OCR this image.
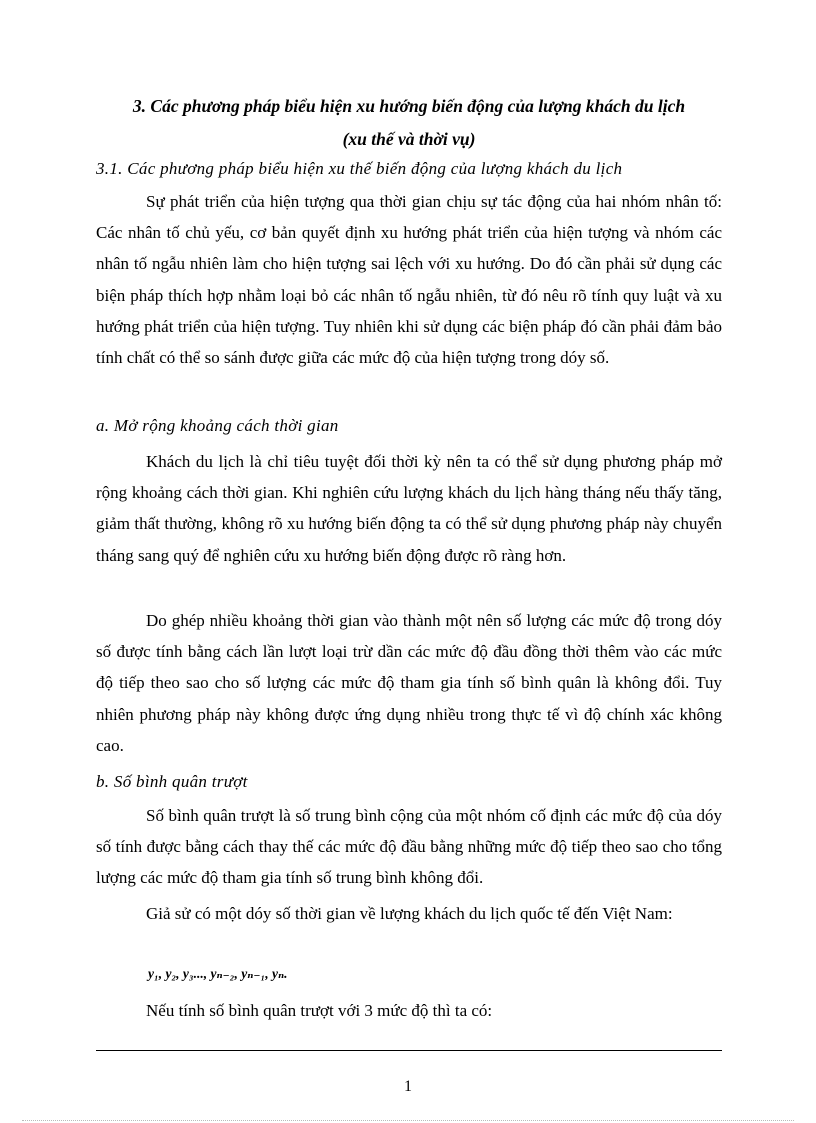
3. Các phương pháp biểu hiện xu hướng biến động của lượng khách du lịch
(xu thế và thời vụ)
3.1. Các phương pháp biểu hiện xu thế biến động của lượng khách du lịch

Sự phát triển của hiện tượng qua thời gian chịu sự tác động của hai nhóm nhân tố: Các nhân tố chủ yếu, cơ bản quyết định xu hướng phát triển của hiện tượng và nhóm các nhân tố ngẫu nhiên làm cho hiện tượng sai lệch với xu hướng. Do đó cần phải sử dụng các biện pháp thích hợp nhằm loại bỏ các nhân tố ngẫu nhiên, từ đó nêu rõ tính quy luật và xu hướng phát triển của hiện tượng. Tuy nhiên khi sử dụng các biện pháp đó cần phải đảm bảo tính chất có thể so sánh được giữa các mức độ của hiện tượng trong dóy số.

a. Mở rộng khoảng cách thời gian

Khách du lịch là chỉ tiêu tuyệt đối thời kỳ nên ta có thể sử dụng phương pháp mở rộng khoảng cách thời gian. Khi nghiên cứu lượng khách du lịch hàng tháng nếu thấy tăng, giảm thất thường, không rõ xu hướng biến động ta có thể sử dụng phương pháp này chuyển tháng sang quý để nghiên cứu xu hướng biến động được rõ ràng hơn.

Do ghép nhiều khoảng thời gian vào thành một nên số lượng các mức độ trong dóy số được tính bằng cách lần lượt loại trừ dần các mức độ đầu đồng thời thêm vào các mức độ tiếp theo sao cho số lượng các mức độ tham gia tính số bình quân là không đổi. Tuy nhiên phương pháp này không được ứng dụng nhiều trong thực tế vì độ chính xác không cao.

b. Số bình quân trượt

Số bình quân trượt là số trung bình cộng của một nhóm cố định các mức độ của dóy số tính được bằng cách thay thế các mức độ đầu bằng những mức độ tiếp theo sao cho tổng lượng các mức độ tham gia tính số trung bình không đổi.

Giả sử có một dóy số thời gian về lượng khách du lịch quốc tế đến Việt Nam:

y₁, y₂, y₃..., yₙ₋₂, yₙ₋₁, yₙ.

Nếu tính số bình quân trượt với 3 mức độ thì ta có:

1
